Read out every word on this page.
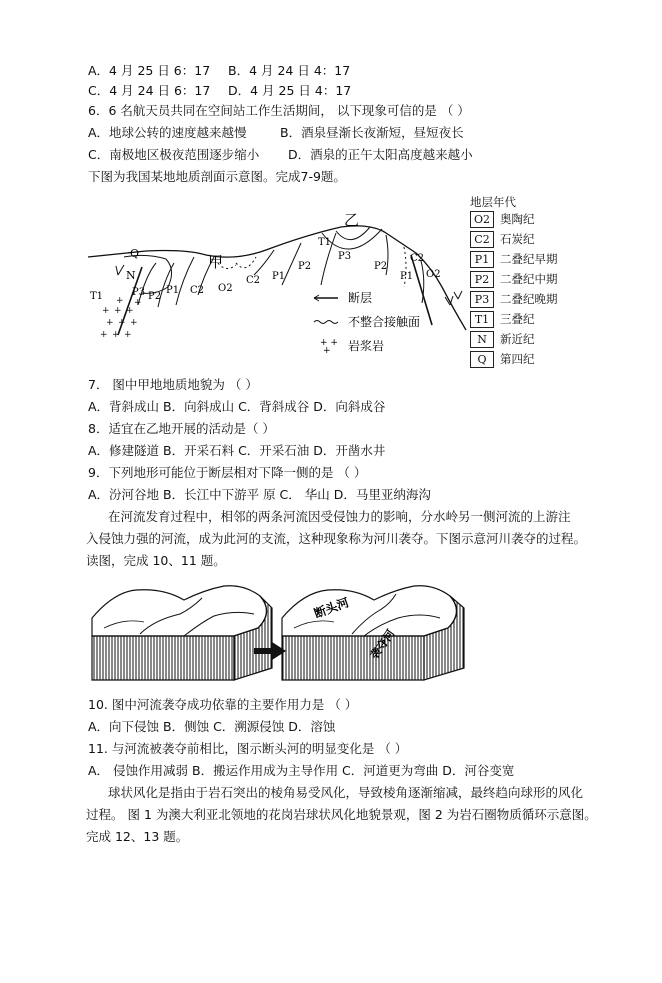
A．4 月 25 日 6：17 B．4 月 24 日 4：17
C．4 月 24 日 6：17 D．4 月 25 日 4：17
6．6 名航天员共同在空间站工作生活期间， 以下现象可信的是 （ ）
A．地球公转的速度越来越慢	B．酒泉昼渐长夜渐短，昼短夜长
C．南极地区极夜范围逐步缩小 D．酒泉的正午太阳高度越来越小
下图为我国某地地质剖面示意图。完成7-9题。
+ + +
+ + +
+ + +
+ +
Q
N
T1	P3 P2
P1 C2 O2
C2 P1
P2
P3
T1
P2
P1
C2
O2
甲
乙
断层
不整合接触面
+ +
+ 岩浆岩
地层年代
O2 奥陶纪
C2 石炭纪
P1 二叠纪早期
P2 二叠纪中期
P3 二叠纪晚期
T1 三叠纪
N	新近纪
Q	第四纪
7． 图中甲地地质地貌为 （ ）
A．背斜成山 B．向斜成山 C．背斜成谷 D．向斜成谷
8．适宜在乙地开展的活动是（ ）
A．修建隧道 B．开采石料 C．开采石油 D．开凿水井
9．下列地形可能位于断层相对下降一侧的是 （ ）
A．汾河谷地 B．长江中下游平 原 C． 华山 D．马里亚纳海沟
在河流发育过程中，相邻的两条河流因受侵蚀力的影响，分水岭另一侧河流的上游注
入侵蚀力强的河流，成为此河的支流，这种现象称为河川袭夺。下图示意河川袭夺的过程。
读图，完成 10、11 题。
断头河
袭夺河
10. 图中河流袭夺成功依靠的主要作用力是 （ ）
A．向下侵蚀 B．侧蚀 C．溯源侵蚀 D．溶蚀
11. 与河流被袭夺前相比，图示断头河的明显变化是 （ ）
A． 侵蚀作用减弱 B．搬运作用成为主导作用 C．河道更为弯曲 D．河谷变宽
球状风化是指由于岩石突出的棱角易受风化，导致棱角逐渐缩减，最终趋向球形的风化
过程。 图 1 为澳大利亚北领地的花岗岩球状风化地貌景观，图 2 为岩石圈物质循环示意图。
完成 12、13 题。
